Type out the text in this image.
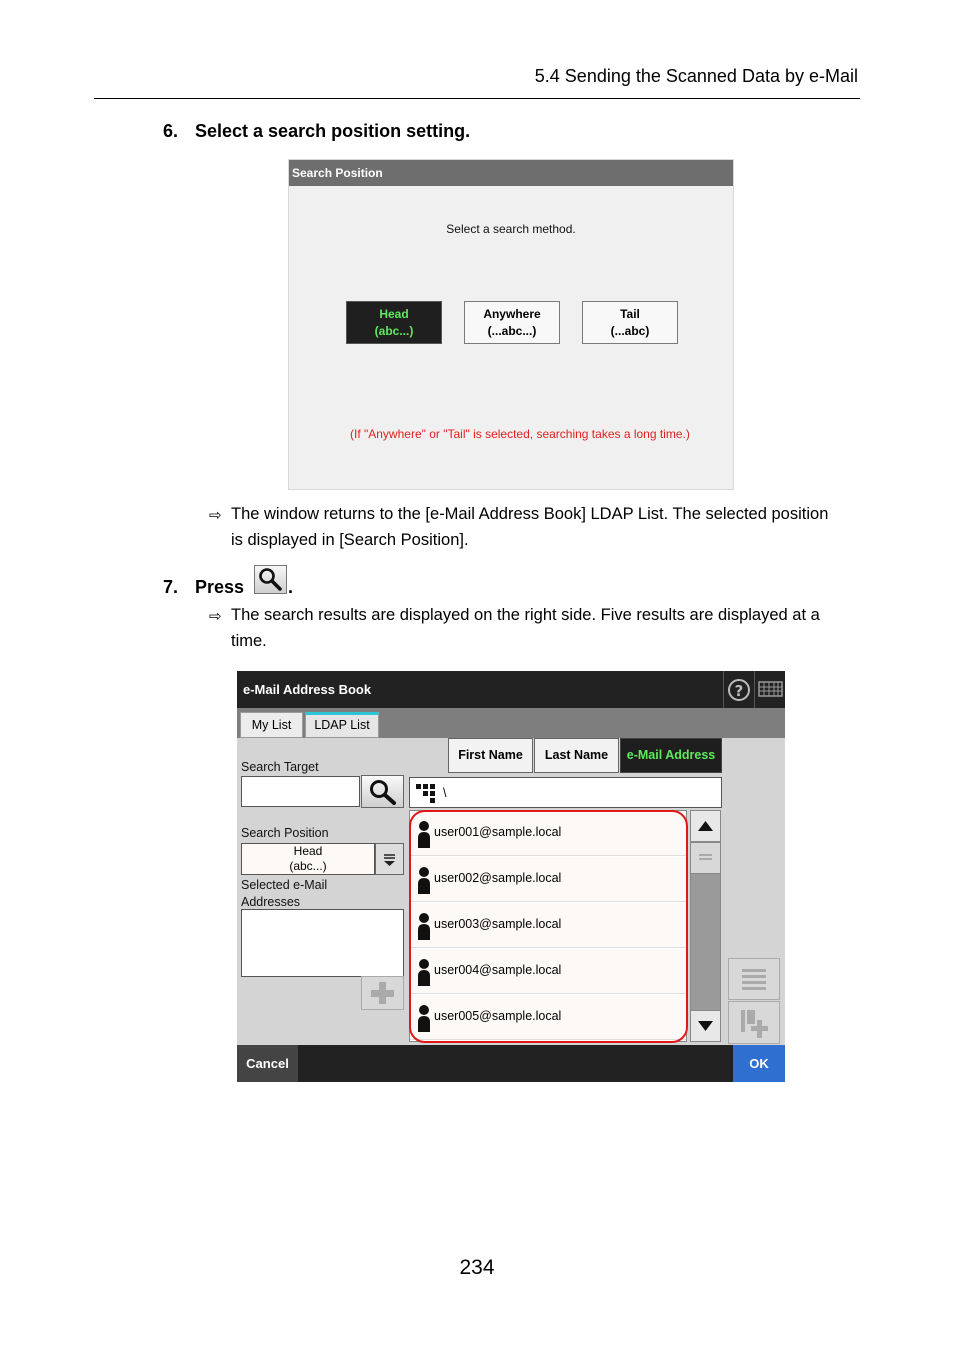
5.4 Sending the Scanned Data by e-Mail
6. Select a search position setting.
Search Position
Select a search method.
Head
(abc...)
Anywhere
(...abc...)
Tail
(...abc)
(If "Anywhere" or "Tail" is selected, searching takes a long time.)
⇨ The window returns to the [e-Mail Address Book] LDAP List. The selected position is displayed in [Search Position].
7. Press .
⇨ The search results are displayed on the right side. Five results are displayed at a time.
e-Mail Address Book	?
My List	LDAP List
Search Target
Search Position
Head
(abc...)
Selected e-Mail
Addresses
First Name	Last Name	e-Mail Address
\
user001@sample.local
user002@sample.local
user003@sample.local
user004@sample.local
user005@sample.local
Cancel	OK
234
